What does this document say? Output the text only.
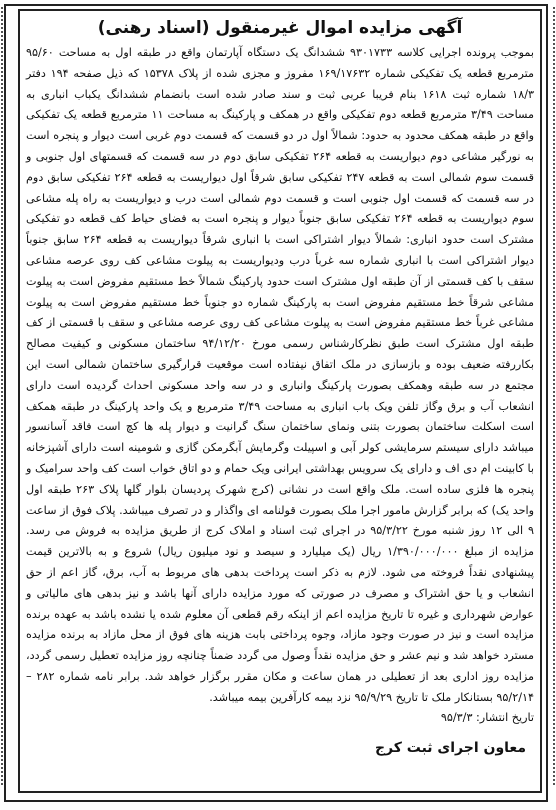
آگهی مزایده اموال غیرمنقول (اسناد رهنی)

بموجب پرونده اجرایی کلاسه ۹۳۰۱۷۳۳ ششدانگ یک دستگاه آپارتمان واقع در طبقه اول به مساحت ۹۵/۶۰ مترمربع قطعه یک تفکیکی شماره ۱۶۹/۱۷۶۳۲ مفروز و مجزی شده از پلاک ۱۵۳۷۸ که ذیل صفحه ۱۹۴ دفتر ۱۸/۳ شماره ثبت ۱۶۱۸ بنام فریبا عربی ثبت و سند صادر شده است بانضمام ششدانگ یکباب انباری به مساحت ۳/۴۹ مترمربع قطعه دوم تفکیکی واقع در همکف و پارکینگ به مساحت ۱۱ مترمربع قطعه یک تفکیکی واقع در طبقه همکف محدود به حدود: شمالاً اول در دو قسمت که قسمت دوم غربی است دیوار و پنجره است به نورگیر مشاعی دوم دیواریست به قطعه ۲۶۴ تفکیکی سابق دوم در سه قسمت که قسمتهای اول جنوبی و قسمت سوم شمالی است به قطعه ۲۴۷ تفکیکی سابق شرقاً اول دیواریست به قطعه ۲۶۴ تفکیکی سابق دوم در سه قسمت که قسمت اول جنوبی است و قسمت دوم شمالی است درب و دیواریست به راه پله مشاعی سوم دیواریست به قطعه ۲۶۴ تفکیکی سابق جنوباً دیوار و پنجره است به فضای حیاط کف قطعه دو تفکیکی مشترک است حدود انباری: شمالاً دیوار اشتراکی است با انباری شرقاً دیواریست به قطعه ۲۶۴ سابق جنوباً دیوار اشتراکی است با انباری شماره سه غرباً درب ودیواریست به پیلوت مشاعی کف روی عرصه مشاعی سقف با کف قسمتی از آن طبقه اول مشترک است حدود پارکینگ شمالاً خط مستقیم مفروض است به پیلوت مشاعی شرقاً خط مستقیم مفروض است به پارکینگ شماره دو جنوباً خط مستقیم مفروض است به پیلوت مشاعی غرباً خط مستقیم مفروض است به پیلوت مشاعی کف روی عرصه مشاعی و سقف با قسمتی از کف طبقه اول مشترک است طبق نظرکارشناس رسمی مورخ ۹۴/۱۲/۲۰ ساختمان مسکونی و کیفیت مصالح بکاررفته ضعیف بوده و بازسازی در ملک اتفاق نیفتاده است موقعیت قرارگیری ساختمان شمالی است این مجتمع در سه طبقه وهمکف بصورت پارکینگ وانباری و در سه واحد مسکونی احداث گردیده است دارای انشعاب آب و برق وگاز تلفن ویک باب انباری به مساحت ۳/۴۹ مترمربع و یک واحد پارکینگ در طبقه همکف است اسکلت ساختمان بصورت بتنی ونمای ساختمان سنگ گرانیت و دیوار پله ها کچ است فاقد آسانسور میباشد دارای سیستم سرمایشی کولر آبی و اسپیلت وگرمایش آبگرمکن گازی و شومینه است دارای آشپزخانه با کابینت ام دی اف و دارای یک سرویس بهداشتی ایرانی ویک حمام و دو اتاق خواب است کف واحد سرامیک و پنجره ها فلزی ساده است. ملک واقع است در نشانی (کرج شهرک پردیسان بلوار گلها پلاک ۲۶۳ طبقه اول واحد یک) که برابر گزارش مامور اجرا ملک بصورت قولنامه ای واگذار و در تصرف میباشد. پلاک فوق از ساعت ۹ الی ۱۲ روز شنبه مورخ ۹۵/۳/۲۲ در اجرای ثبت اسناد و املاک کرج از طریق مزایده به فروش می رسد. مزایده از مبلغ ۱/۳۹۰/۰۰۰/۰۰۰ ریال (یک میلیارد و سیصد و نود میلیون ریال) شروع و به بالاترین قیمت پیشنهادی نقداً فروخته می شود. لازم به ذکر است پرداخت بدهی های مربوط به آب، برق، گاز اعم از حق انشعاب و یا حق اشتراک و مصرف در صورتی که مورد مزایده دارای آنها باشد و نیز بدهی های مالیاتی و عوارض شهرداری و غیره تا تاریخ مزایده اعم از اینکه رقم قطعی آن معلوم شده یا نشده باشد به عهده برنده مزایده است و نیز در صورت وجود مازاد، وجوه پرداختی بابت هزینه های فوق از محل مازاد به برنده مزایده مسترد خواهد شد و نیم عشر و حق مزایده نقداً وصول می گردد ضمناً چنانچه روز مزایده تعطیل رسمی گردد، مزایده روز اداری بعد از تعطیلی در همان ساعت و مکان مقرر برگزار خواهد شد. برابر نامه شماره ۲۸۲ – ۹۵/۲/۱۴ بستانکار ملک تا تاریخ ۹۵/۹/۲۹ نزد بیمه کارآفرین بیمه میباشد.

تاریخ انتشار: ۹۵/۳/۳

معاون اجرای ثبت کرج
